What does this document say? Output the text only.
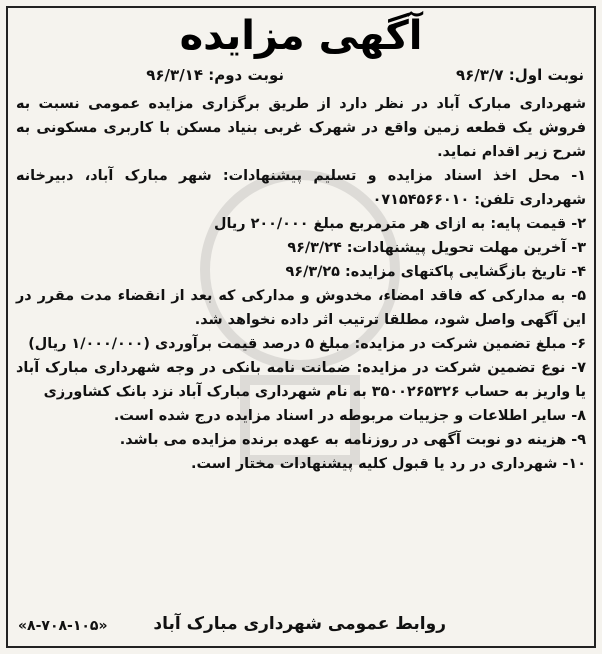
آگهی مزایده
نوبت اول: ۹۶/۳/۷
نوبت دوم: ۹۶/۳/۱۴

شهرداری مبارک آباد در نظر دارد از طریق برگزاری مزایده عمومی نسبت به فروش یک قطعه زمین واقع در شهرک غربی بنیاد مسکن با کاربری مسکونی به شرح زیر اقدام نماید.

۱- محل اخذ اسناد مزایده و تسلیم پیشنهادات: شهر مبارک آباد، دبیرخانه شهرداری تلفن: ۰۷۱۵۴۵۶۶۰۱۰

۲- قیمت پایه: به ازای هر مترمربع مبلغ ۲۰۰/۰۰۰ ریال

۳- آخرین مهلت تحویل پیشنهادات: ۹۶/۳/۲۴

۴- تاریخ بازگشایی پاکتهای مزایده: ۹۶/۳/۲۵

۵- به مدارکی که فاقد امضاء، مخدوش و مدارکی که بعد از انقضاء مدت مقرر در این آگهی واصل شود، مطلقا ترتیب اثر داده نخواهد شد.

۶- مبلغ تضمین شرکت در مزایده: مبلغ ۵ درصد قیمت برآوردی (۱/۰۰۰/۰۰۰ ریال)

۷- نوع تضمین شرکت در مزایده: ضمانت نامه بانکی در وجه شهرداری مبارک آباد یا واریز به حساب ۳۵۰۰۲۶۵۳۲۶ به نام شهرداری مبارک آباد نزد بانک کشاورزی

۸- سایر اطلاعات و جزییات مربوطه در اسناد مزایده درج شده است.

۹- هزینه دو نوبت آگهی در روزنامه به عهده برنده مزایده می باشد.

۱۰- شهرداری در رد یا قبول کلیه پیشنهادات مختار است.

روابط عمومی شهرداری مبارک آباد
«۸-۷۰۸-۱۰۵»
